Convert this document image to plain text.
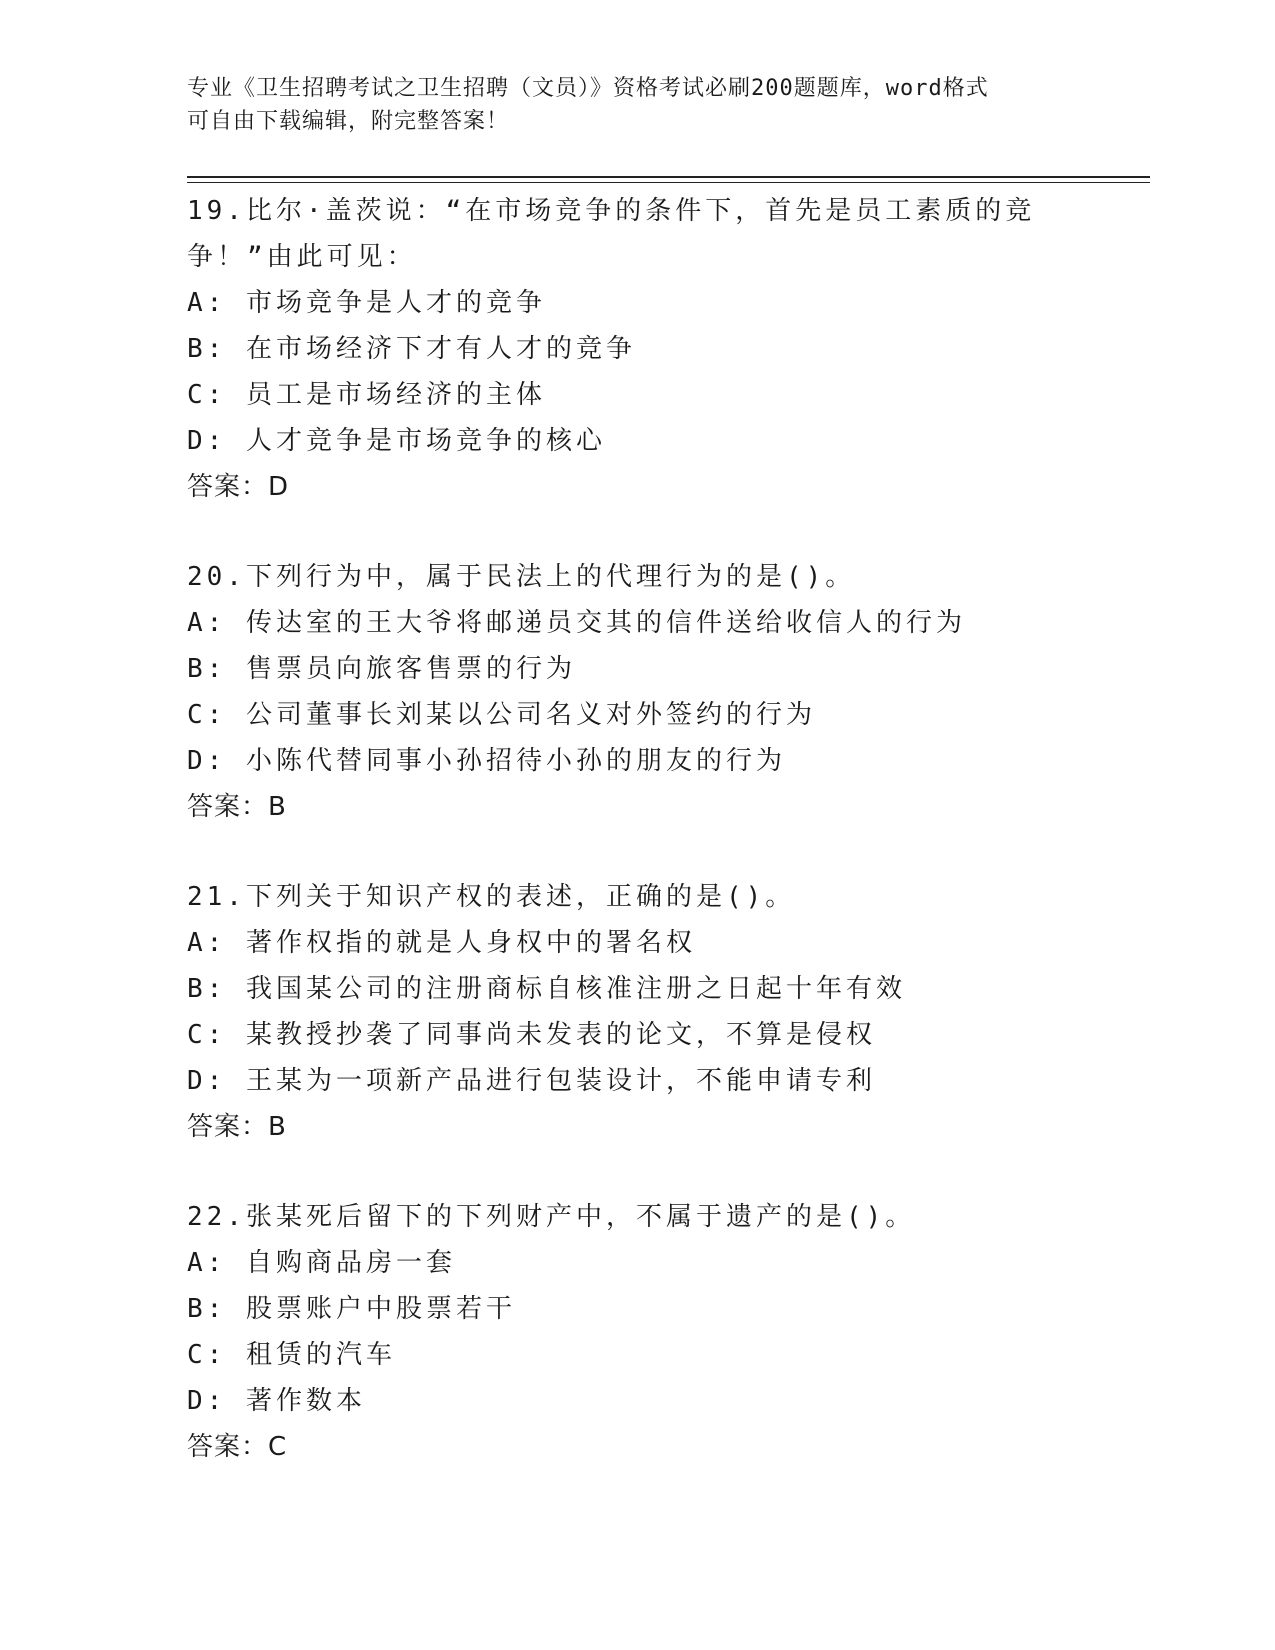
专业《卫生招聘考试之卫生招聘（文员）》资格考试必刷200题题库，word格式

可自由下载编辑，附完整答案！

19.比尔·盖茨说：“在市场竞争的条件下，首先是员工素质的竞争！”由此可见：

A: 市场竞争是人才的竞争

B: 在市场经济下才有人才的竞争

C: 员工是市场经济的主体

D: 人才竞争是市场竞争的核心

答案：D

20.下列行为中，属于民法上的代理行为的是()。

A: 传达室的王大爷将邮递员交其的信件送给收信人的行为

B: 售票员向旅客售票的行为

C: 公司董事长刘某以公司名义对外签约的行为

D: 小陈代替同事小孙招待小孙的朋友的行为

答案：B

21.下列关于知识产权的表述，正确的是()。

A: 著作权指的就是人身权中的署名权

B: 我国某公司的注册商标自核准注册之日起十年有效

C: 某教授抄袭了同事尚未发表的论文，不算是侵权

D: 王某为一项新产品进行包装设计，不能申请专利

答案：B

22.张某死后留下的下列财产中，不属于遗产的是()。

A: 自购商品房一套

B: 股票账户中股票若干

C: 租赁的汽车

D: 著作数本

答案：C
